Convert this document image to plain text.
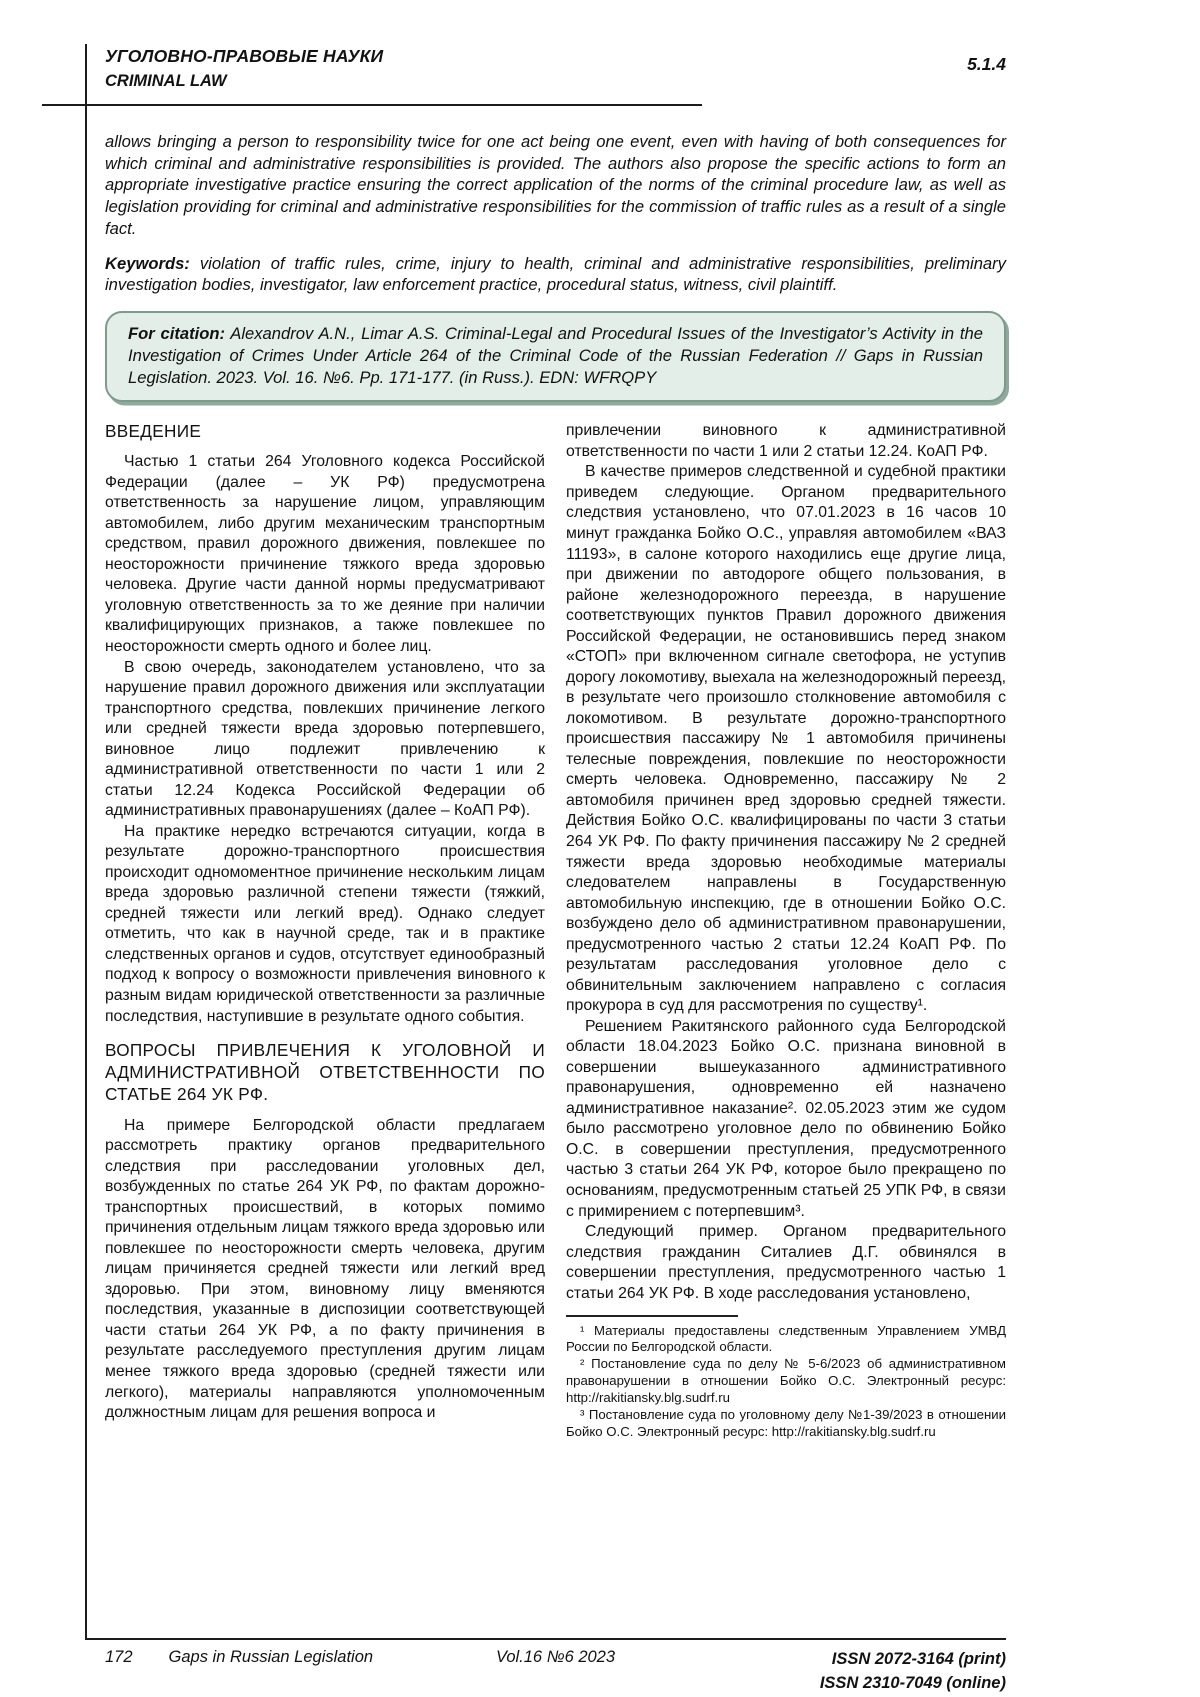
УГОЛОВНО-ПРАВОВЫЕ НАУКИ
CRIMINAL LAW
5.1.4

allows bringing a person to responsibility twice for one act being one event, even with having of both consequences for which criminal and administrative responsibilities is provided. The authors also propose the specific actions to form an appropriate investigative practice ensuring the correct application of the norms of the criminal procedure law, as well as legislation providing for criminal and administrative responsibilities for the commission of traffic rules as a result of a single fact.

Keywords: violation of traffic rules, crime, injury to health, criminal and administrative responsibilities, preliminary investigation bodies, investigator, law enforcement practice, procedural status, witness, civil plaintiff.

For citation: Alexandrov A.N., Limar A.S. Criminal-Legal and Procedural Issues of the Investigator’s Activity in the Investigation of Crimes Under Article 264 of the Criminal Code of the Russian Federation // Gaps in Russian Legislation. 2023. Vol. 16. №6. Pp. 171-177. (in Russ.). EDN: WFRQPY

ВВЕДЕНИЕ

Частью 1 статьи 264 Уголовного кодекса Российской Федерации (далее – УК РФ) предусмотрена ответственность за нарушение лицом, управляющим автомобилем, либо другим механическим транспортным средством, правил дорожного движения, повлекшее по неосторожности причинение тяжкого вреда здоровью человека. Другие части данной нормы предусматривают уголовную ответственность за то же деяние при наличии квалифицирующих признаков, а также повлекшее по неосторожности смерть одного и более лиц.

В свою очередь, законодателем установлено, что за нарушение правил дорожного движения или эксплуатации транспортного средства, повлекших причинение легкого или средней тяжести вреда здоровью потерпевшего, виновное лицо подлежит привлечению к административной ответственности по части 1 или 2 статьи 12.24 Кодекса Российской Федерации об административных правонарушениях (далее – КоАП РФ).

На практике нередко встречаются ситуации, когда в результате дорожно-транспортного происшествия происходит одномоментное причинение нескольким лицам вреда здоровью различной степени тяжести (тяжкий, средней тяжести или легкий вред). Однако следует отметить, что как в научной среде, так и в практике следственных органов и судов, отсутствует единообразный подход к вопросу о возможности привлечения виновного к разным видам юридической ответственности за различные последствия, наступившие в результате одного события.

ВОПРОСЫ ПРИВЛЕЧЕНИЯ К УГОЛОВНОЙ И АДМИНИСТРАТИВНОЙ ОТВЕТСТВЕННОСТИ ПО СТАТЬЕ 264 УК РФ.

На примере Белгородской области предлагаем рассмотреть практику органов предварительного следствия при расследовании уголовных дел, возбужденных по статье 264 УК РФ, по фактам дорожно-транспортных происшествий, в которых помимо причинения отдельным лицам тяжкого вреда здоровью или повлекшее по неосторожности смерть человека, другим лицам причиняется средней тяжести или легкий вред здоровью. При этом, виновному лицу вменяются последствия, указанные в диспозиции соответствующей части статьи 264 УК РФ, а по факту причинения в результате расследуемого преступления другим лицам менее тяжкого вреда здоровью (средней тяжести или легкого), материалы направляются уполномоченным должностным лицам для решения вопроса и

привлечении виновного к административной ответственности по части 1 или 2 статьи 12.24. КоАП РФ.

В качестве примеров следственной и судебной практики приведем следующие. Органом предварительного следствия установлено, что 07.01.2023 в 16 часов 10 минут гражданка Бойко О.С., управляя автомобилем «ВАЗ 11193», в салоне которого находились еще другие лица, при движении по автодороге общего пользования, в районе железнодорожного переезда, в нарушение соответствующих пунктов Правил дорожного движения Российской Федерации, не остановившись перед знаком «СТОП» при включенном сигнале светофора, не уступив дорогу локомотиву, выехала на железнодорожный переезд, в результате чего произошло столкновение автомобиля с локомотивом. В результате дорожно-транспортного происшествия пассажиру № 1 автомобиля причинены телесные повреждения, повлекшие по неосторожности смерть человека. Одновременно, пассажиру № 2 автомобиля причинен вред здоровью средней тяжести. Действия Бойко О.С. квалифицированы по части 3 статьи 264 УК РФ. По факту причинения пассажиру № 2 средней тяжести вреда здоровью необходимые материалы следователем направлены в Государственную автомобильную инспекцию, где в отношении Бойко О.С. возбуждено дело об административном правонарушении, предусмотренного частью 2 статьи 12.24 КоАП РФ. По результатам расследования уголовное дело с обвинительным заключением направлено с согласия прокурора в суд для рассмотрения по существу¹.

Решением Ракитянского районного суда Белгородской области 18.04.2023 Бойко О.С. признана виновной в совершении вышеуказанного административного правонарушения, одновременно ей назначено административное наказание². 02.05.2023 этим же судом было рассмотрено уголовное дело по обвинению Бойко О.С. в совершении преступления, предусмотренного частью 3 статьи 264 УК РФ, которое было прекращено по основаниям, предусмотренным статьей 25 УПК РФ, в связи с примирением с потерпевшим³.

Следующий пример. Органом предварительного следствия гражданин Ситалиев Д.Г. обвинялся в совершении преступления, предусмотренного частью 1 статьи 264 УК РФ. В ходе расследования установлено,

¹ Материалы предоставлены следственным Управлением УМВД России по Белгородской области.

² Постановление суда по делу № 5-6/2023 об административном правонарушении в отношении Бойко О.С. Электронный ресурс: http://rakitiansky.blg.sudrf.ru

³ Постановление суда по уголовному делу №1-39/2023 в отношении Бойко О.С. Электронный ресурс: http://rakitiansky.blg.sudrf.ru

172 Gaps in Russian Legislation	Vol.16 №6 2023	ISSN 2072-3164 (print)
ISSN 2310-7049 (online)
